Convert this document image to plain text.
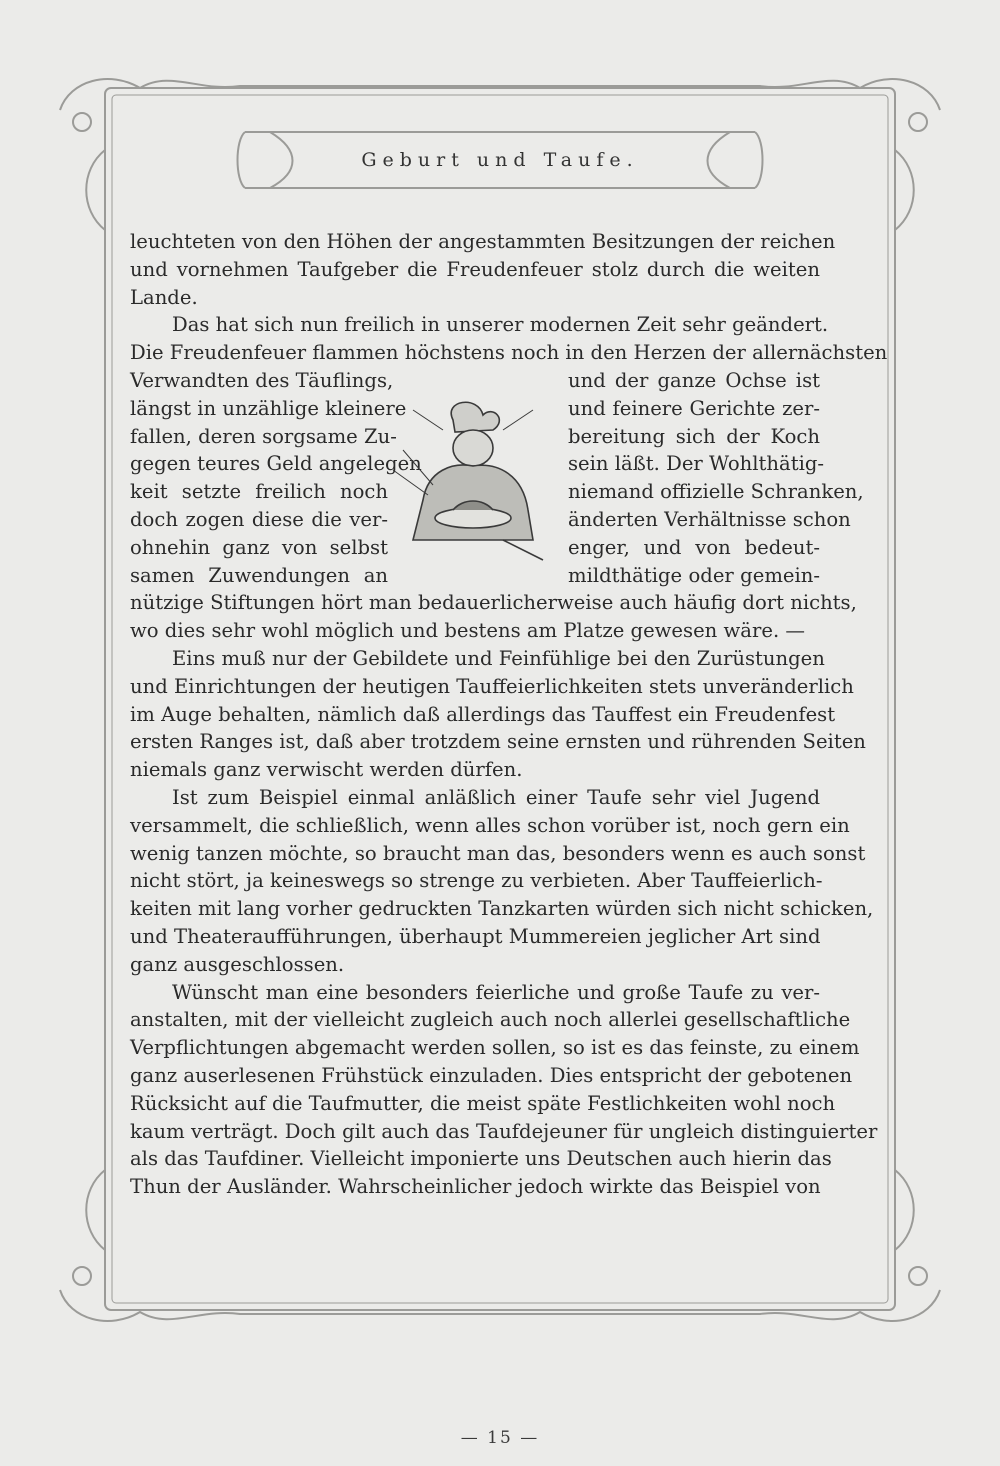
Geburt und Taufe.
leuchteten von den Höhen der angestammten Besitzungen der reichen
und vornehmen Taufgeber die Freudenfeuer stolz durch die weiten
Lande.
Das hat sich nun freilich in unserer modernen Zeit sehr geändert.
Die Freudenfeuer flammen höchstens noch in den Herzen der allernächsten
Verwandten des Täuflings,	und der ganze Ochse ist
längst in unzählige kleinere	und feinere Gerichte zer-
fallen, deren sorgsame Zu-	bereitung sich der Koch
gegen teures Geld angelegen	sein läßt. Der Wohlthätig-
keit setzte freilich noch	niemand offizielle Schranken,
doch zogen diese die ver-	änderten Verhältnisse schon
ohnehin ganz von selbst	enger, und von bedeut-
samen Zuwendungen an	mildthätige oder gemein-
nützige Stiftungen hört man bedauerlicherweise auch häufig dort nichts,
wo dies sehr wohl möglich und bestens am Platze gewesen wäre. —
Eins muß nur der Gebildete und Feinfühlige bei den Zurüstungen
und Einrichtungen der heutigen Tauffeierlichkeiten stets unveränderlich
im Auge behalten, nämlich daß allerdings das Tauffest ein Freudenfest
ersten Ranges ist, daß aber trotzdem seine ernsten und rührenden Seiten
niemals ganz verwischt werden dürfen.
Ist zum Beispiel einmal anläßlich einer Taufe sehr viel Jugend
versammelt, die schließlich, wenn alles schon vorüber ist, noch gern ein
wenig tanzen möchte, so braucht man das, besonders wenn es auch sonst
nicht stört, ja keineswegs so strenge zu verbieten. Aber Tauffeierlich-
keiten mit lang vorher gedruckten Tanzkarten würden sich nicht schicken,
und Theateraufführungen, überhaupt Mummereien jeglicher Art sind
ganz ausgeschlossen.
Wünscht man eine besonders feierliche und große Taufe zu ver-
anstalten, mit der vielleicht zugleich auch noch allerlei gesellschaftliche
Verpflichtungen abgemacht werden sollen, so ist es das feinste, zu einem
ganz auserlesenen Frühstück einzuladen. Dies entspricht der gebotenen
Rücksicht auf die Taufmutter, die meist späte Festlichkeiten wohl noch
kaum verträgt. Doch gilt auch das Taufdejeuner für ungleich distinguierter
als das Taufdiner. Vielleicht imponierte uns Deutschen auch hierin das
Thun der Ausländer. Wahrscheinlicher jedoch wirkte das Beispiel von
— 15 —
